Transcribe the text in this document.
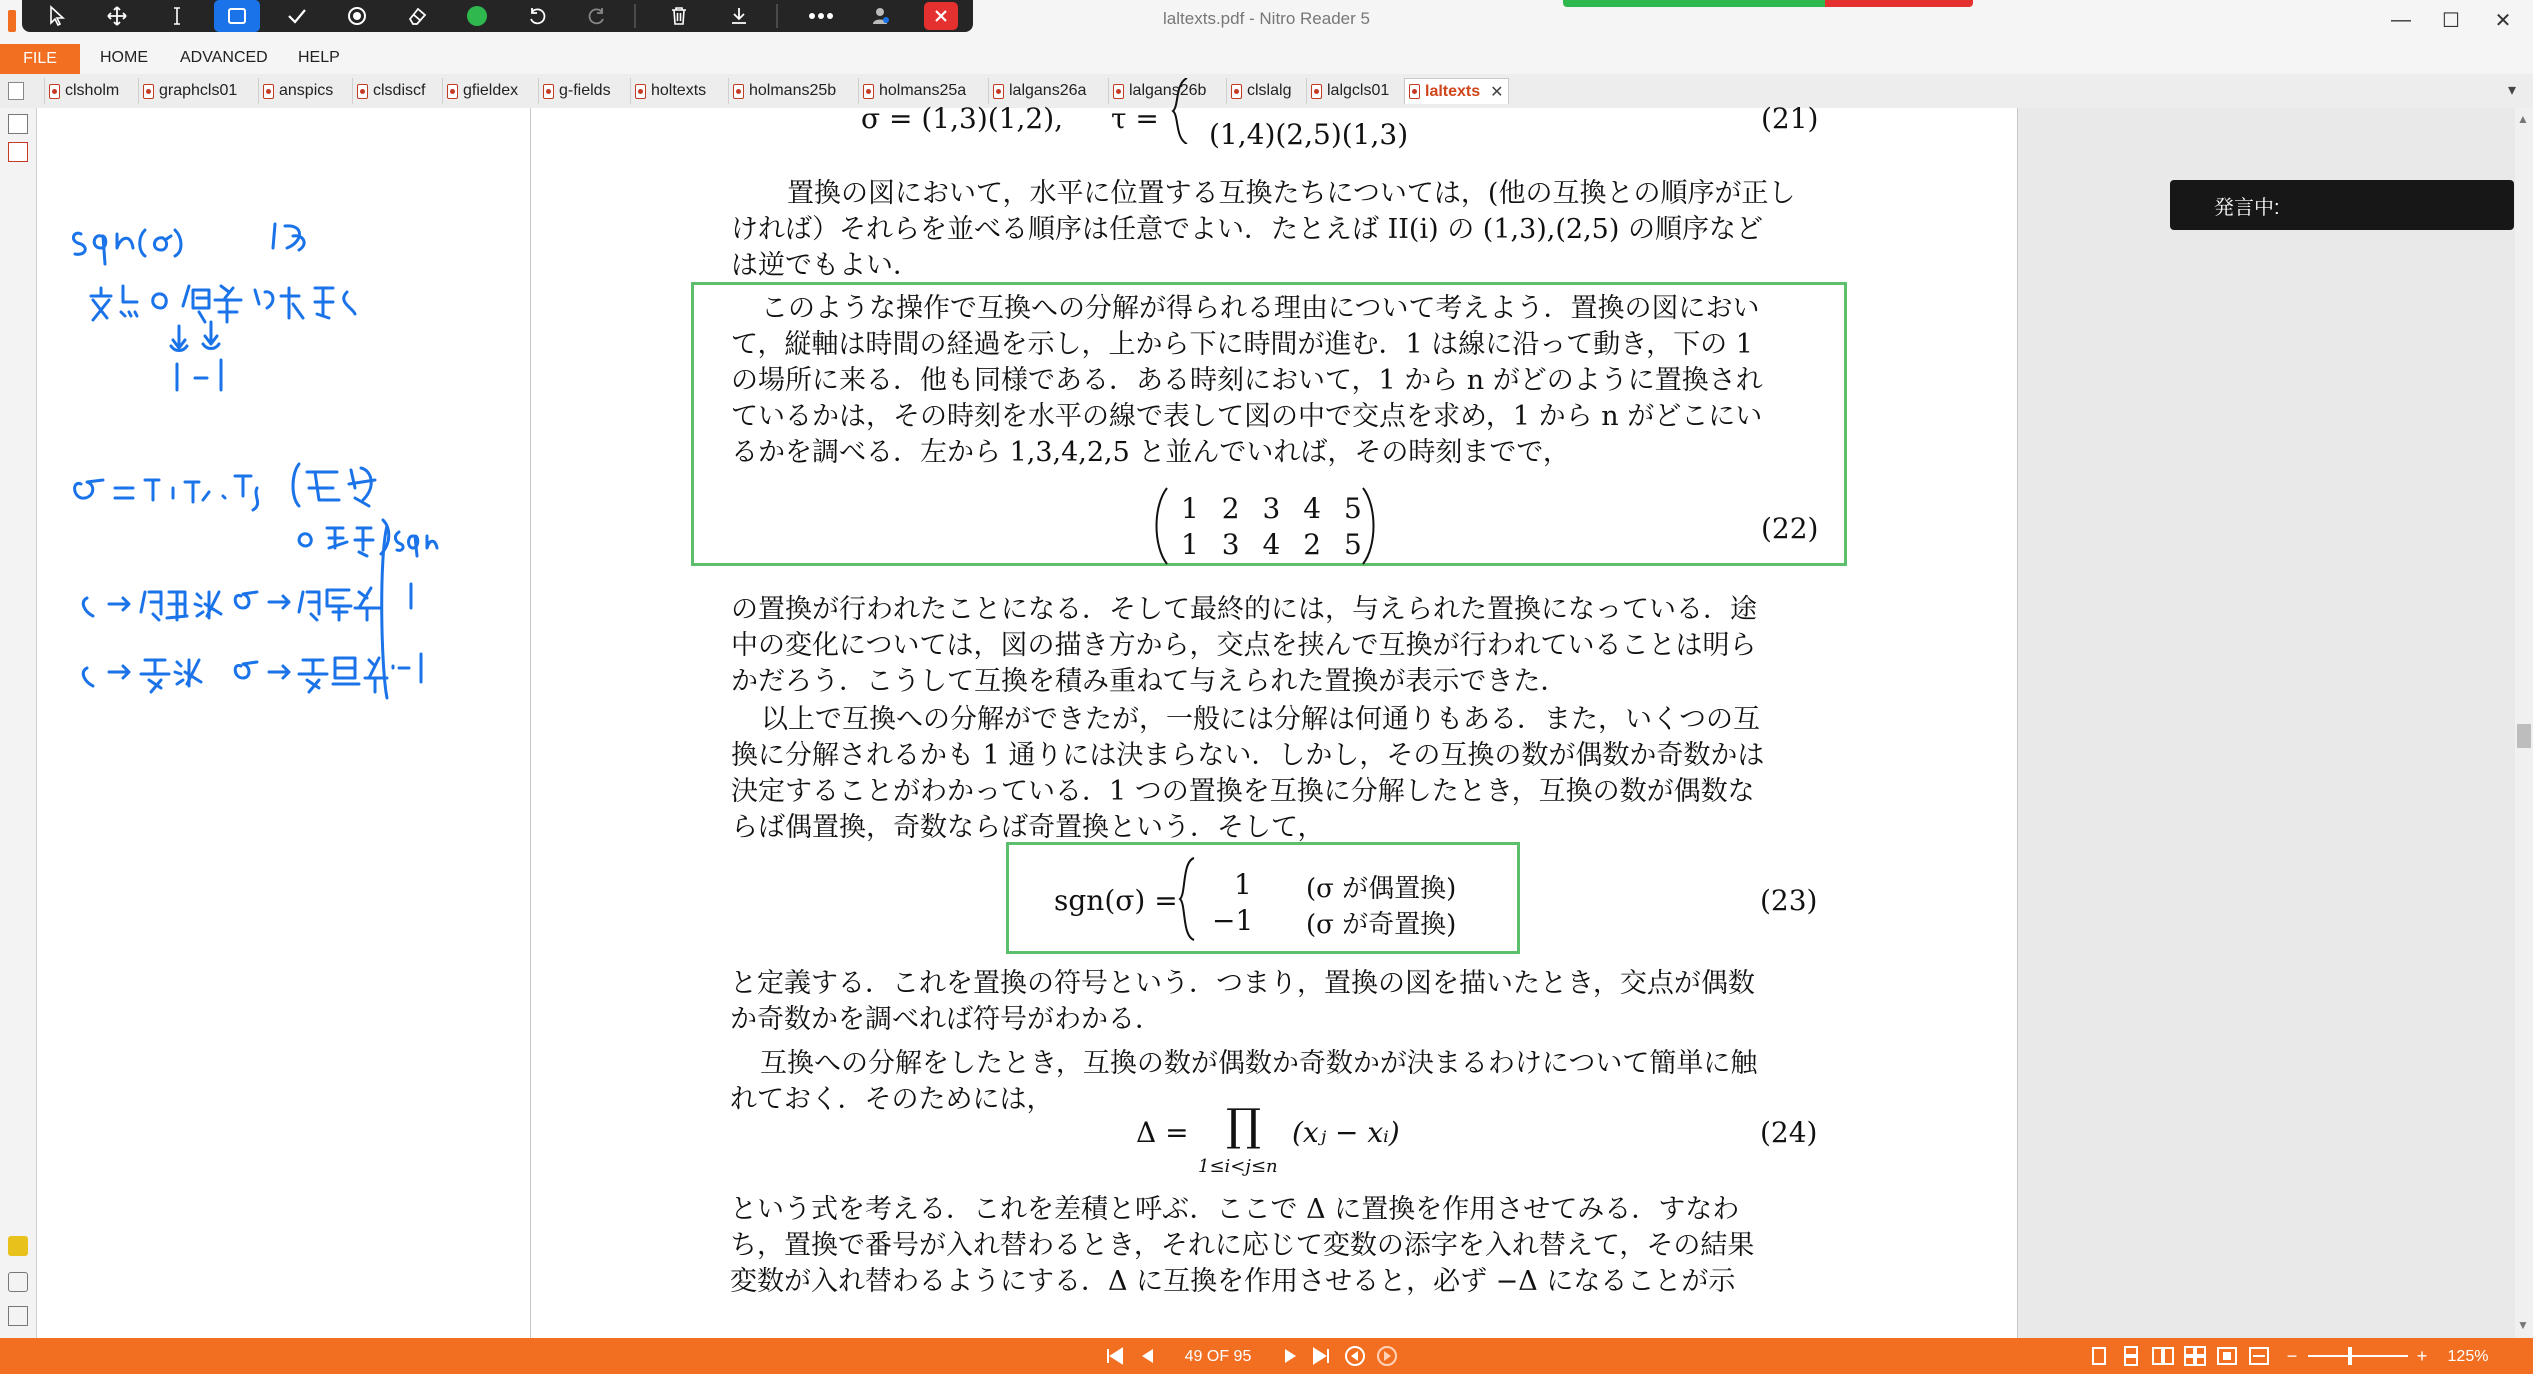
laltexts.pdf - Nitro Reader 5	—	☐	✕
FILE	HOME ADVANCED HELP
clsholm graphcls01	anspics clsdiscf gfieldex	g-fields	holtexts	holmans25b	holmans25a	lalgans26a	lalgans26b	clslalg lalgcls01 laltexts ✕	▾
σ = (1,3)(1,2), τ = (1,4)(2,5)(1,3)	(21)
置換の図において，水平に位置する互換たちについては，(他の互換との順序が正し
ければ）それらを並べる順序は任意でよい．たとえば II(i) の (1,3),(2,5) の順序など
は逆でもよい．
このような操作で互換への分解が得られる理由について考えよう．置換の図におい
て，縦軸は時間の経過を示し，上から下に時間が進む．1 は線に沿って動き，下の 1
の場所に来る．他も同様である．ある時刻において，1 から n がどのように置換され
ているかは，その時刻を水平の線で表して図の中で交点を求め，1 から n がどこにい
るかを調べる．左から 1,3,4,2,5 と並んでいれば，その時刻までで，
1 2 3 4 5
1 3 4 2 5	(22)
の置換が行われたことになる．そして最終的には，与えられた置換になっている．途
中の変化については，図の描き方から，交点を挟んで互換が行われていることは明ら
かだろう．こうして互換を積み重ねて与えられた置換が表示できた．
以上で互換への分解ができたが，一般には分解は何通りもある．また，いくつの互
換に分解されるかも 1 通りには決まらない．しかし，その互換の数が偶数か奇数かは
決定することがわかっている．1 つの置換を互換に分解したとき，互換の数が偶数な
らば偶置換，奇数ならば奇置換という．そして，
sgn(σ) = 1 (σ が偶置換)
−1 (σ が奇置換)
(23)
と定義する．これを置換の符号という．つまり，置換の図を描いたとき，交点が偶数
か奇数かを調べれば符号がわかる．
互換への分解をしたとき，互換の数が偶数か奇数かが決まるわけについて簡単に触
れておく．そのためには，
Δ = ∏
1≤i<j≤n
(xⱼ − xᵢ)	(24)
という式を考える．これを差積と呼ぶ．ここで Δ に置換を作用させてみる．すなわ
ち，置換で番号が入れ替わるとき，それに応じて変数の添字を入れ替えて，その結果
変数が入れ替わるようにする．Δ に互換を作用させると，必ず −Δ になることが示
発言中:
▲
▼
49 OF 95	−	+	125%
